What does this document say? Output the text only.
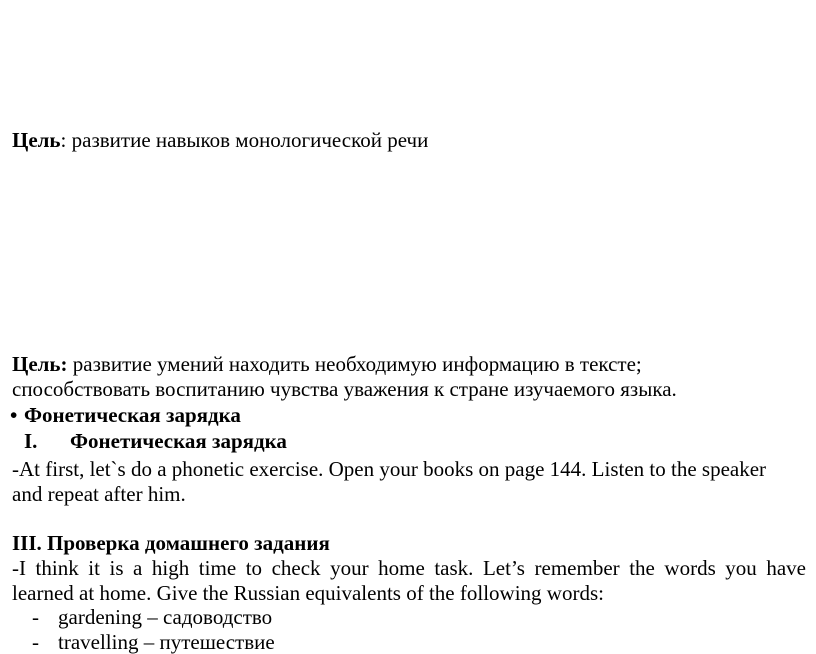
Цель: развитие навыков монологической речи
Цель: развитие умений находить необходимую информацию в тексте;
способствовать воспитанию чувства уважения к стране изучаемого языка.
• Фонетическая зарядка
I. Фонетическая зарядка
-At first, let`s do a phonetic exercise. Open your books on page 144. Listen to the speaker
and repeat after him.
III. Проверка домашнего задания
-I think it is a high time to check your home task. Let’s remember the words you have
learned at home. Give the Russian equivalents of the following words:
- gardening – садоводство
- travelling – путешествие
